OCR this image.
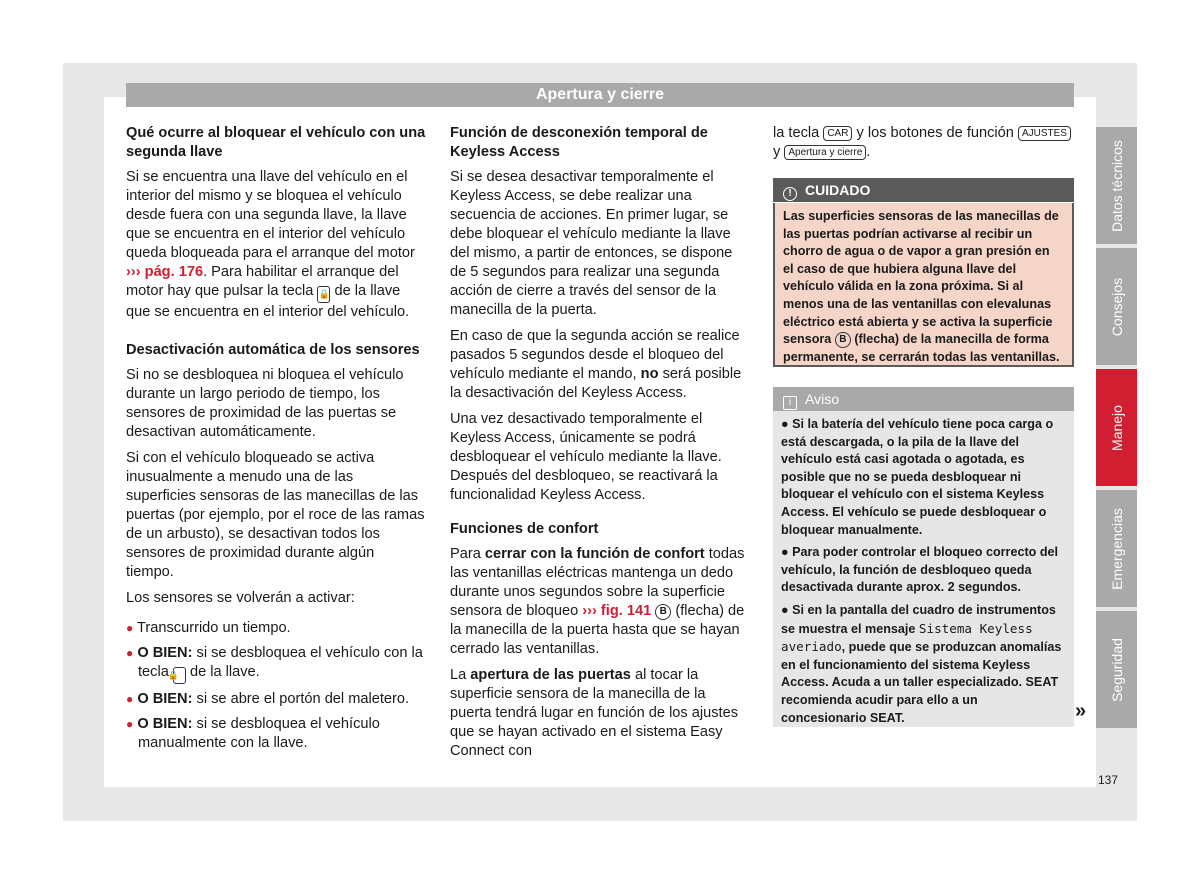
Apertura y cierre
Datos técnicos
Consejos
Manejo
Emergencias
Seguridad
Qué ocurre al bloquear el vehículo con una segunda llave

Si se encuentra una llave del vehículo en el interior del mismo y se bloquea el vehículo desde fuera con una segunda llave, la llave que se encuentra en el interior del vehículo queda bloqueada para el arranque del motor ››› pág. 176. Para habilitar el arranque del motor hay que pulsar la tecla 🔒 de la llave que se encuentra en el interior del vehículo.

Desactivación automática de los sensores

Si no se desbloquea ni bloquea el vehículo durante un largo periodo de tiempo, los sensores de proximidad de las puertas se desactivan automáticamente.

Si con el vehículo bloqueado se activa inusualmente a menudo una de las superficies sensoras de las manecillas de las puertas (por ejemplo, por el roce de las ramas de un arbusto), se desactivan todos los sensores de proximidad durante algún tiempo.

Los sensores se volverán a activar:

● Transcurrido un tiempo.
● O BIEN: si se desbloquea el vehículo con la tecla 🔒 de la llave.
● O BIEN: si se abre el portón del maletero.
● O BIEN: si se desbloquea el vehículo manualmente con la llave.
Función de desconexión temporal de Keyless Access

Si se desea desactivar temporalmente el Keyless Access, se debe realizar una secuencia de acciones. En primer lugar, se debe bloquear el vehículo mediante la llave del mismo, a partir de entonces, se dispone de 5 segundos para realizar una segunda acción de cierre a través del sensor de la manecilla de la puerta.

En caso de que la segunda acción se realice pasados 5 segundos desde el bloqueo del vehículo mediante el mando, no será posible la desactivación del Keyless Access.

Una vez desactivado temporalmente el Keyless Access, únicamente se podrá desbloquear el vehículo mediante la llave. Después del desbloqueo, se reactivará la funcionalidad Keyless Access.

Funciones de confort

Para cerrar con la función de confort todas las ventanillas eléctricas mantenga un dedo durante unos segundos sobre la superficie sensora de bloqueo ››› fig. 141 B (flecha) de la manecilla de la puerta hasta que se hayan cerrado las ventanillas.

La apertura de las puertas al tocar la superficie sensora de la manecilla de la puerta tendrá lugar en función de los ajustes que se hayan activado en el sistema Easy Connect con

la tecla CAR y los botones de función AJUSTES
y Apertura y cierre .

! CUIDADO
Las superficies sensoras de las manecillas de las puertas podrían activarse al recibir un chorro de agua o de vapor a gran presión en el caso de que hubiera alguna llave del vehículo válida en la zona próxima. Si al menos una de las ventanillas con elevalunas eléctrico está abierta y se activa la superficie sensora B (flecha) de la manecilla de forma permanente, se cerrarán todas las ventanillas.
i Aviso
● Si la batería del vehículo tiene poca carga o está descargada, o la pila de la llave del vehículo está casi agotada o agotada, es posible que no se pueda desbloquear ni bloquear el vehículo con el sistema Keyless Access. El vehículo se puede desbloquear o bloquear manualmente.
● Para poder controlar el bloqueo correcto del vehículo, la función de desbloqueo queda desactivada durante aprox. 2 segundos.
● Si en la pantalla del cuadro de instrumentos se muestra el mensaje Sistema Keyless averiado, puede que se produzcan anomalías en el funcionamiento del sistema Keyless Access. Acuda a un taller especializado. SEAT recomienda acudir para ello a un concesionario SEAT.	»
137
